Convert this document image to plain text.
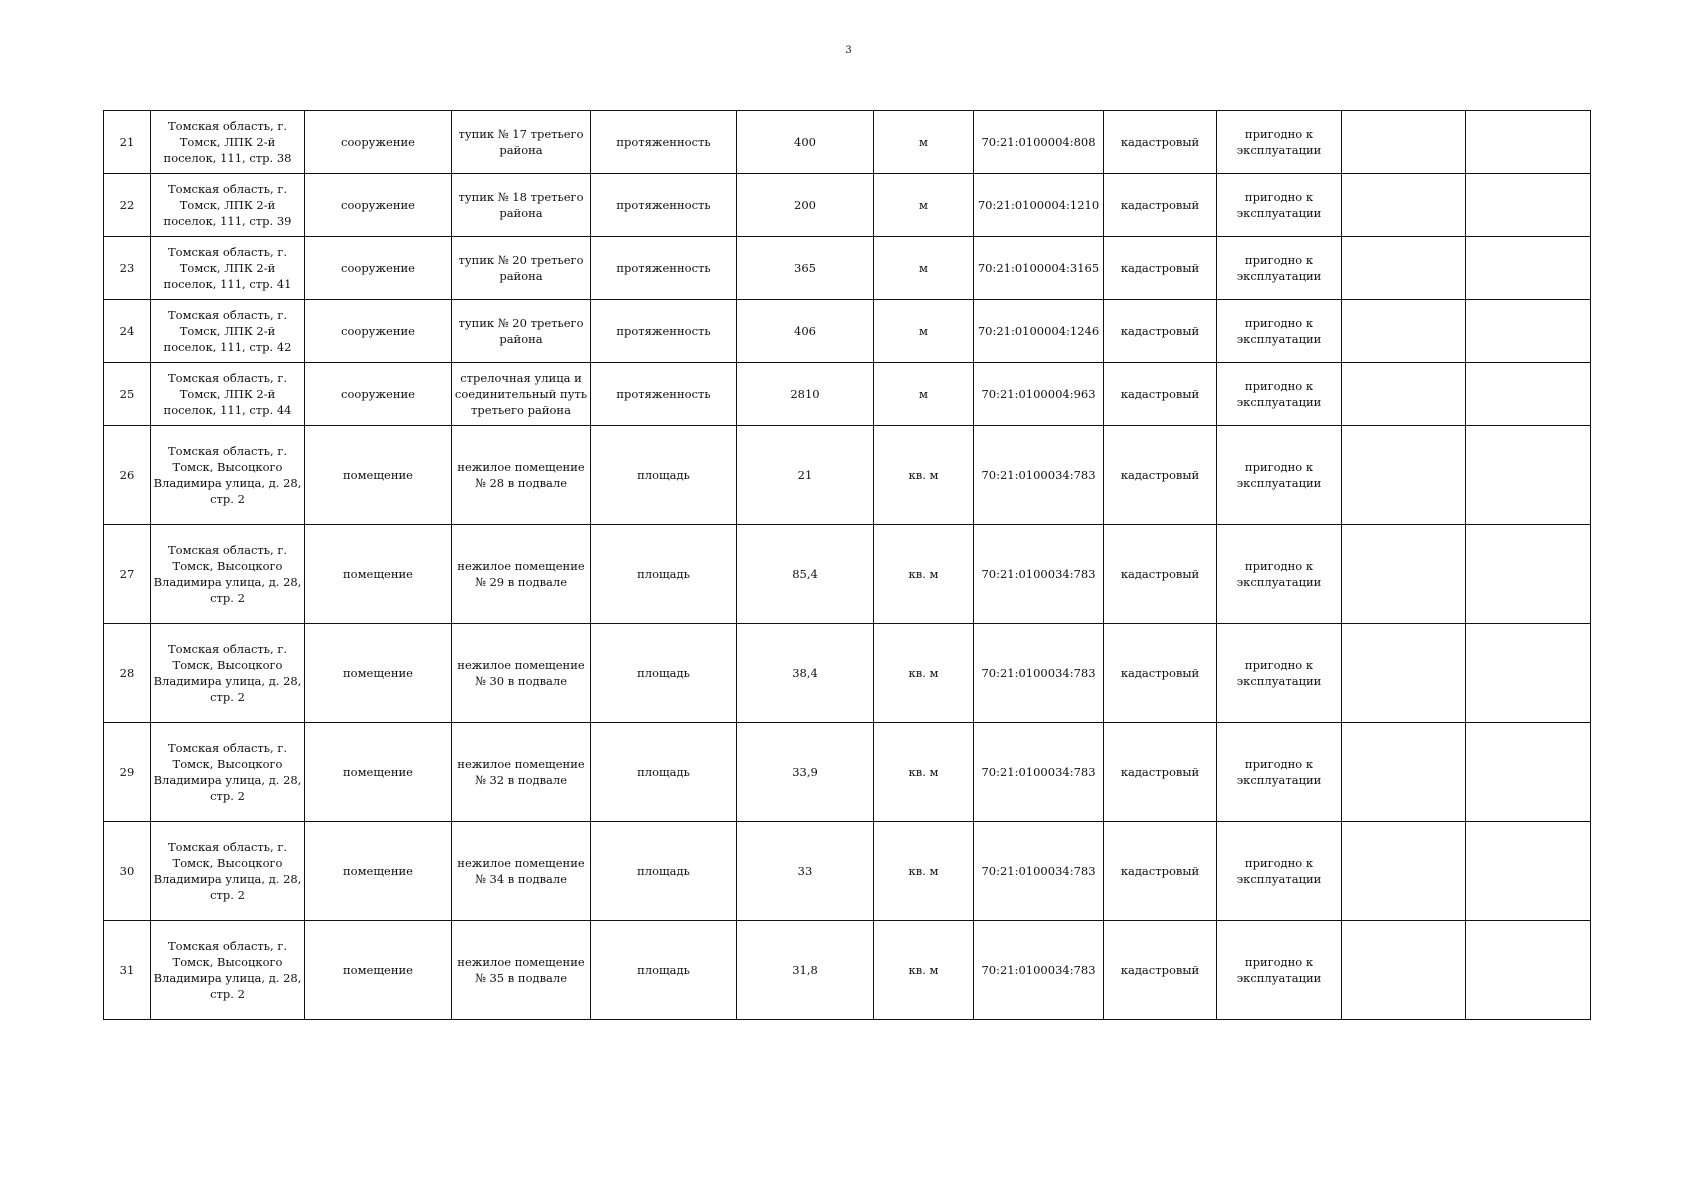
3
21	Томская область, г. Томск, ЛПК 2-й поселок, 111, стр. 38	сооружение	тупик № 17 третьего района	протяженность	400	м	70:21:0100004:808	кадастровый	пригодно к эксплуатации		
22	Томская область, г. Томск, ЛПК 2-й поселок, 111, стр. 39	сооружение	тупик № 18 третьего района	протяженность	200	м	70:21:0100004:1210	кадастровый	пригодно к эксплуатации		
23	Томская область, г. Томск, ЛПК 2-й поселок, 111, стр. 41	сооружение	тупик № 20 третьего района	протяженность	365	м	70:21:0100004:3165	кадастровый	пригодно к эксплуатации		
24	Томская область, г. Томск, ЛПК 2-й поселок, 111, стр. 42	сооружение	тупик № 20 третьего района	протяженность	406	м	70:21:0100004:1246	кадастровый	пригодно к эксплуатации		
25	Томская область, г. Томск, ЛПК 2-й поселок, 111, стр. 44	сооружение	стрелочная улица и соединительный путь третьего района	протяженность	2810	м	70:21:0100004:963	кадастровый	пригодно к эксплуатации		
26	Томская область, г. Томск, Высоцкого Владимира улица, д. 28, стр. 2	помещение	нежилое помещение № 28 в подвале	площадь	21	кв. м	70:21:0100034:783	кадастровый	пригодно к эксплуатации		
27	Томская область, г. Томск, Высоцкого Владимира улица, д. 28, стр. 2	помещение	нежилое помещение № 29 в подвале	площадь	85,4	кв. м	70:21:0100034:783	кадастровый	пригодно к эксплуатации		
28	Томская область, г. Томск, Высоцкого Владимира улица, д. 28, стр. 2	помещение	нежилое помещение № 30 в подвале	площадь	38,4	кв. м	70:21:0100034:783	кадастровый	пригодно к эксплуатации		
29	Томская область, г. Томск, Высоцкого Владимира улица, д. 28, стр. 2	помещение	нежилое помещение № 32 в подвале	площадь	33,9	кв. м	70:21:0100034:783	кадастровый	пригодно к эксплуатации		
30	Томская область, г. Томск, Высоцкого Владимира улица, д. 28, стр. 2	помещение	нежилое помещение № 34 в подвале	площадь	33	кв. м	70:21:0100034:783	кадастровый	пригодно к эксплуатации		
31	Томская область, г. Томск, Высоцкого Владимира улица, д. 28, стр. 2	помещение	нежилое помещение № 35 в подвале	площадь	31,8	кв. м	70:21:0100034:783	кадастровый	пригодно к эксплуатации		
